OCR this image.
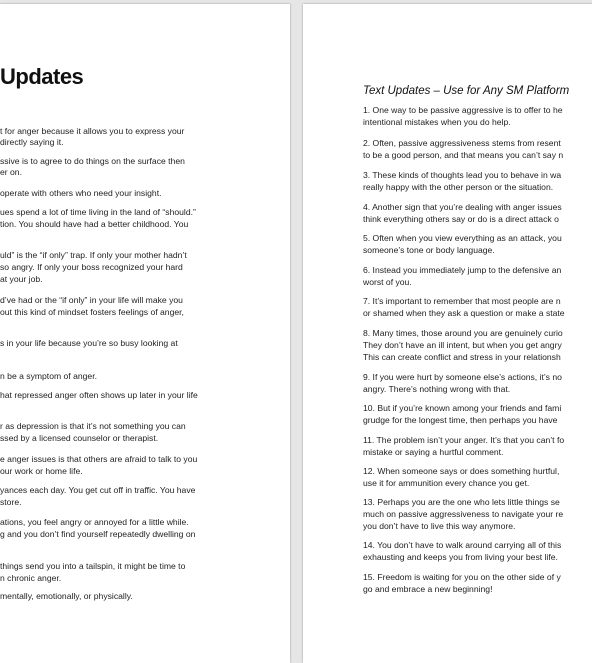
Updates
t for anger because it allows you to express your
directly saying it.
ssive is to agree to do things on the surface then
er on.
operate with others who need your insight.
ues spend a lot of time living in the land of “should.”
tion. You should have had a better childhood. You
uld” is the “if only” trap. If only your mother hadn’t
so angry. If only your boss recognized your hard
at your job.
d’ve had or the “if only” in your life will make you
out this kind of mindset fosters feelings of anger,
s in your life because you’re so busy looking at
n be a symptom of anger.
hat repressed anger often shows up later in your life
r as depression is that it’s not something you can
ssed by a licensed counselor or therapist.
e anger issues is that others are afraid to talk to you
our work or home life.
yances each day. You get cut off in traffic. You have
store.
ations, you feel angry or annoyed for a little while.
g and you don’t find yourself repeatedly dwelling on
things send you into a tailspin, it might be time to
n chronic anger.
mentally, emotionally, or physically.
Text Updates – Use for Any SM Platform
1. One way to be passive aggressive is to offer to he
intentional mistakes when you do help.
2. Often, passive aggressiveness stems from resent
to be a good person, and that means you can’t say n
3. These kinds of thoughts lead you to behave in wa
really happy with the other person or the situation.
4. Another sign that you’re dealing with anger issues
think everything others say or do is a direct attack o
5. Often when you view everything as an attack, you
someone’s tone or body language.
6. Instead you immediately jump to the defensive an
worst of you.
7. It’s important to remember that most people are n
or shamed when they ask a question or make a state
8. Many times, those around you are genuinely curio
They don’t have an ill intent, but when you get angry
This can create conflict and stress in your relationsh
9. If you were hurt by someone else’s actions, it’s no
angry. There’s nothing wrong with that.
10. But if you’re known among your friends and fami
grudge for the longest time, then perhaps you have
11. The problem isn’t your anger. It’s that you can’t fo
mistake or saying a hurtful comment.
12. When someone says or does something hurtful,
use it for ammunition every chance you get.
13. Perhaps you are the one who lets little things se
much on passive aggressiveness to navigate your re
you don’t have to live this way anymore.
14. You don’t have to walk around carrying all of this
exhausting and keeps you from living your best life.
15. Freedom is waiting for you on the other side of y
go and embrace a new beginning!
